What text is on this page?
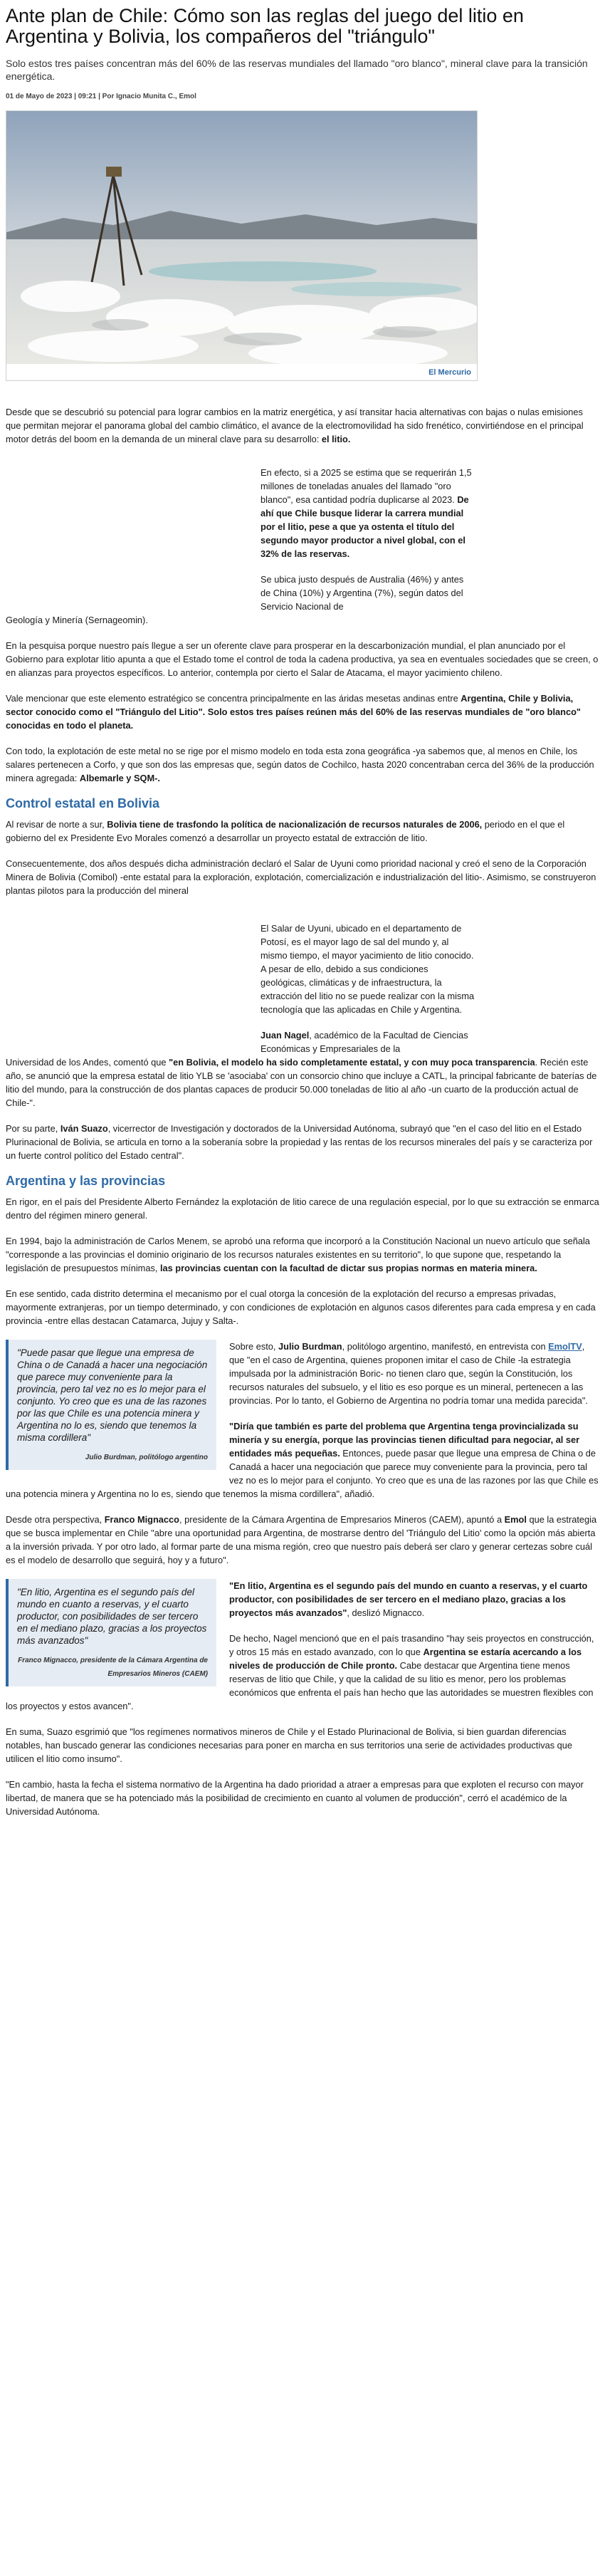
Ante plan de Chile: Cómo son las reglas del juego del litio en Argentina y Bolivia, los compañeros del "triángulo"

Solo estos tres países concentran más del 60% de las reservas mundiales del llamado "oro blanco", mineral clave para la transición energética.

01 de Mayo de 2023 | 09:21 | Por Ignacio Munita C., Emol

El Mercurio

Desde que se descubrió su potencial para lograr cambios en la matriz energética, y así transitar hacia alternativas con bajas o nulas emisiones que permitan mejorar el panorama global del cambio climático, el avance de la electromovilidad ha sido frenético, convirtiéndose en el principal motor detrás del boom en la demanda de un mineral clave para su desarrollo: el litio.

En efecto, si a 2025 se estima que se requerirán 1,5 millones de toneladas anuales del llamado "oro blanco", esa cantidad podría duplicarse al 2023. De ahí que Chile busque liderar la carrera mundial por el litio, pese a que ya ostenta el título del segundo mayor productor a nivel global, con el 32% de las reservas.

Se ubica justo después de Australia (46%) y antes de China (10%) y Argentina (7%), según datos del Servicio Nacional de

Geología y Minería (Sernageomin).

En la pesquisa porque nuestro país llegue a ser un oferente clave para prosperar en la descarbonización mundial, el plan anunciado por el Gobierno para explotar litio apunta a que el Estado tome el control de toda la cadena productiva, ya sea en eventuales sociedades que se creen, o en alianzas para proyectos específicos. Lo anterior, contempla por cierto el Salar de Atacama, el mayor yacimiento chileno.

Vale mencionar que este elemento estratégico se concentra principalmente en las áridas mesetas andinas entre Argentina, Chile y Bolivia, sector conocido como el "Triángulo del Litio". Solo estos tres países reúnen más del 60% de las reservas mundiales de "oro blanco" conocidas en todo el planeta.

Con todo, la explotación de este metal no se rige por el mismo modelo en toda esta zona geográfica -ya sabemos que, al menos en Chile, los salares pertenecen a Corfo, y que son dos las empresas que, según datos de Cochilco, hasta 2020 concentraban cerca del 36% de la producción minera agregada: Albemarle y SQM-.

Control estatal en Bolivia

Al revisar de norte a sur, Bolivia tiene de trasfondo la política de nacionalización de recursos naturales de 2006, periodo en el que el gobierno del ex Presidente Evo Morales comenzó a desarrollar un proyecto estatal de extracción de litio.

Consecuentemente, dos años después dicha administración declaró el Salar de Uyuni como prioridad nacional y creó el seno de la Corporación Minera de Bolivia (Comibol) -ente estatal para la exploración, explotación, comercialización e industrialización del litio-. Asimismo, se construyeron plantas pilotos para la producción del mineral

El Salar de Uyuni, ubicado en el departamento de Potosí, es el mayor lago de sal del mundo y, al mismo tiempo, el mayor yacimiento de litio conocido. A pesar de ello, debido a sus condiciones geológicas, climáticas y de infraestructura, la extracción del litio no se puede realizar con la misma tecnología que las aplicadas en Chile y Argentina.

Juan Nagel, académico de la Facultad de Ciencias Económicas y Empresariales de la

Universidad de los Andes, comentó que "en Bolivia, el modelo ha sido completamente estatal, y con muy poca transparencia. Recién este año, se anunció que la empresa estatal de litio YLB se 'asociaba' con un consorcio chino que incluye a CATL, la principal fabricante de baterías de litio del mundo, para la construcción de dos plantas capaces de producir 50.000 toneladas de litio al año -un cuarto de la producción actual de Chile-".

Por su parte, Iván Suazo, vicerrector de Investigación y doctorados de la Universidad Autónoma, subrayó que "en el caso del litio en el Estado Plurinacional de Bolivia, se articula en torno a la soberanía sobre la propiedad y las rentas de los recursos minerales del país y se caracteriza por un fuerte control político del Estado central".

Argentina y las provincias

En rigor, en el país del Presidente Alberto Fernández la explotación de litio carece de una regulación especial, por lo que su extracción se enmarca dentro del régimen minero general.

En 1994, bajo la administración de Carlos Menem, se aprobó una reforma que incorporó a la Constitución Nacional un nuevo artículo que señala "corresponde a las provincias el dominio originario de los recursos naturales existentes en su territorio", lo que supone que, respetando la legislación de presupuestos mínimas, las provincias cuentan con la facultad de dictar sus propias normas en materia minera.

En ese sentido, cada distrito determina el mecanismo por el cual otorga la concesión de la explotación del recurso a empresas privadas, mayormente extranjeras, por un tiempo determinado, y con condiciones de explotación en algunos casos diferentes para cada empresa y en cada provincia -entre ellas destacan Catamarca, Jujuy y Salta-.

"Puede pasar que llegue una empresa de China o de Canadá a hacer una negociación que parece muy conveniente para la provincia, pero tal vez no es lo mejor para el conjunto. Yo creo que es una de las razones por las que Chile es una potencia minera y Argentina no lo es, siendo que tenemos la misma cordillera"
Julio Burdman, politólogo argentino

Sobre esto, Julio Burdman, politólogo argentino, manifestó, en entrevista con EmolTV, que "en el caso de Argentina, quienes proponen imitar el caso de Chile -la estrategia impulsada por la administración Boric- no tienen claro que, según la Constitución, los recursos naturales del subsuelo, y el litio es eso porque es un mineral, pertenecen a las provincias. Por lo tanto, el Gobierno de Argentina no podría tomar una medida parecida".

"Diría que también es parte del problema que Argentina tenga provincializada su minería y su energía, porque las provincias tienen dificultad para negociar, al ser entidades más pequeñas. Entonces, puede pasar que llegue una empresa de China o de Canadá a hacer una negociación que parece muy conveniente para la provincia, pero tal vez no es lo mejor para el conjunto. Yo creo que es una de las razones por las que Chile es una potencia minera y Argentina no lo es, siendo que tenemos la misma cordillera", añadió.

Desde otra perspectiva, Franco Mignacco, presidente de la Cámara Argentina de Empresarios Mineros (CAEM), apuntó a Emol que la estrategia que se busca implementar en Chile "abre una oportunidad para Argentina, de mostrarse dentro del 'Triángulo del Litio' como la opción más abierta a la inversión privada. Y por otro lado, al formar parte de una misma región, creo que nuestro país deberá ser claro y generar certezas sobre cuál es el modelo de desarrollo que seguirá, hoy y a futuro".

"En litio, Argentina es el segundo país del mundo en cuanto a reservas, y el cuarto productor, con posibilidades de ser tercero en el mediano plazo, gracias a los proyectos más avanzados"
Franco Mignacco, presidente de la Cámara Argentina de Empresarios Mineros (CAEM)

"En litio, Argentina es el segundo país del mundo en cuanto a reservas, y el cuarto productor, con posibilidades de ser tercero en el mediano plazo, gracias a los proyectos más avanzados", deslizó Mignacco.

De hecho, Nagel mencionó que en el país trasandino "hay seis proyectos en construcción, y otros 15 más en estado avanzado, con lo que Argentina se estaría acercando a los niveles de producción de Chile pronto. Cabe destacar que Argentina tiene menos reservas de litio que Chile, y que la calidad de su litio es menor, pero los problemas económicos que enfrenta el país han hecho que las autoridades se muestren flexibles con los proyectos y estos avancen".

En suma, Suazo esgrimió que "los regímenes normativos mineros de Chile y el Estado Plurinacional de Bolivia, si bien guardan diferencias notables, han buscado generar las condiciones necesarias para poner en marcha en sus territorios una serie de actividades productivas que utilicen el litio como insumo".

"En cambio, hasta la fecha el sistema normativo de la Argentina ha dado prioridad a atraer a empresas para que exploten el recurso con mayor libertad, de manera que se ha potenciado más la posibilidad de crecimiento en cuanto al volumen de producción", cerró el académico de la Universidad Autónoma.
